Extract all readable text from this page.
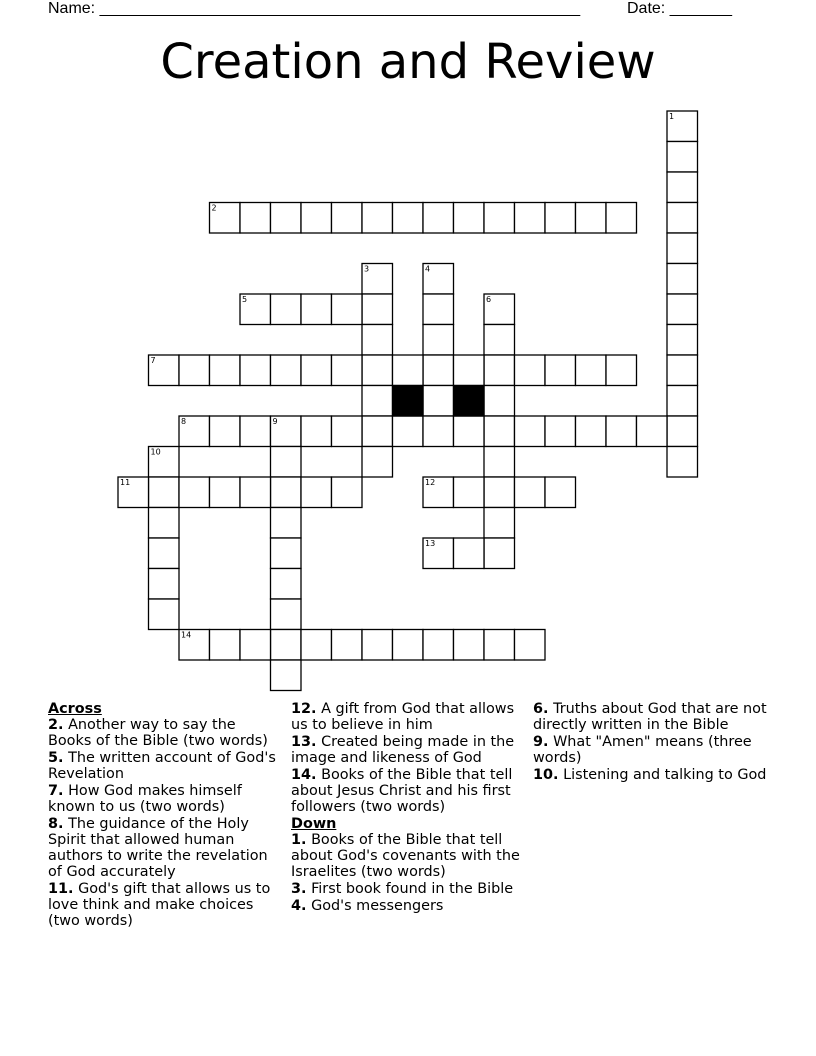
Name: ______________________________________________________	Date: _______
Creation and Review
1
2
3	4
5	6
7
8	9
10
11	12
13
14
Across
2. Another way to say the Books of the Bible (two words)
5. The written account of God's Revelation
7. How God makes himself known to us (two words)
8. The guidance of the Holy Spirit that allowed human authors to write the revelation of God accurately
11. God's gift that allows us to love think and make choices (two words)
12. A gift from God that allows us to believe in him
13. Created being made in the image and likeness of God
14. Books of the Bible that tell about Jesus Christ and his first followers (two words)
Down
1. Books of the Bible that tell about God's covenants with the Israelites (two words)
3. First book found in the Bible
4. God's messengers
6. Truths about God that are not directly written in the Bible
9. What "Amen" means (three words)
10. Listening and talking to God
